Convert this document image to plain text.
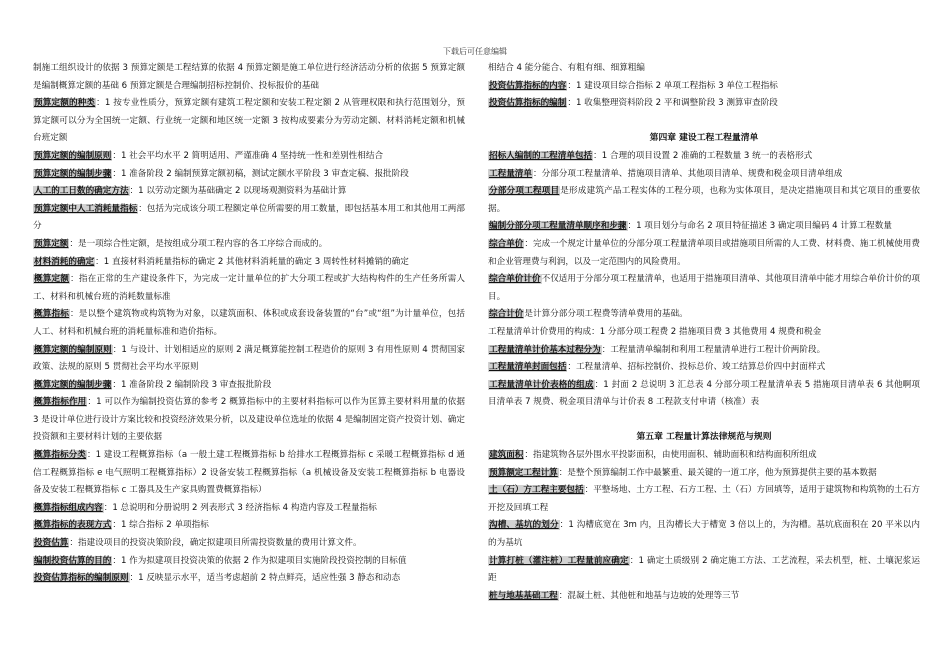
下载后可任意编辑

制施工组织设计的依据 3 预算定额是工程结算的依据 4 预算定额是施工单位进行经济活动分析的依据 5 预算定额是编制概算定额的基础 6 预算定额是合理编制招标控制价、投标报价的基础

预算定额的种类：1 按专业性质分，预算定额有建筑工程定额和安装工程定额 2 从管理权限和执行范围划分，预算定额可以分为全国统一定额、行业统一定额和地区统一定额 3 按构成要素分为劳动定额、材料消耗定额和机械台班定额

预算定额的编制原则：1 社会平均水平 2 简明适用、严谨准确 4 坚持统一性和差别性相结合

预算定额的编制步骤：1 准备阶段 2 编制预算定额初稿，测试定额水平阶段 3 审查定稿、报批阶段

人工的工日数的确定方法：1 以劳动定额为基础确定 2 以现场观测资料为基础计算

预算定额中人工消耗量指标：包括为完成该分项工程额定单位所需要的用工数量，即包括基本用工和其他用工两部分

预算定额：是一项综合性定额，是按组成分项工程内容的各工序综合而成的。

材料消耗的确定：1 直接材料消耗量指标的确定 2 其他材料消耗量的确定 3 周转性材料摊销的确定

概算定额：指在正常的生产建设条件下，为完成一定计量单位的扩大分项工程或扩大结构构件的生产任务所需人工、材料和机械台班的消耗数量标准

概算指标：是以整个建筑物或构筑物为对象，以建筑面积、体积或成套设备装置的“台”或“组”为计量单位，包括人工、材料和机械台班的消耗量标准和造价指标。

概算定额的编制原则：1 与设计、计划相适应的原则 2 满足概算能控制工程造价的原则 3 有用性原则 4 贯彻国家政策、法规的原则 5 贯彻社会平均水平原则

概算定额的编制步骤：1 准备阶段 2 编制阶段 3 审查报批阶段

概算指标作用：1 可以作为编制投资估算的参考 2 概算指标中的主要材料指标可以作为匡算主要材料用量的依据 3 是设计单位进行设计方案比较和投资经济效果分析，以及建设单位选址的依据 4 是编制固定资产投资计划、确定投资额和主要材料计划的主要依据

概算指标分类：1 建设工程概算指标（a 一般土建工程概算指标 b 给排水工程概算指标 c 采暖工程概算指标 d 通信工程概算指标 e 电气照明工程概算指标）2 设备安装工程概算指标（a 机械设备及安装工程概算指标 b 电器设备及安装工程概算指标 c 工器具及生产家具购置费概算指标）

概算指标组成内容：1 总说明和分册说明 2 列表形式 3 经济指标 4 构造内容及工程量指标

概算指标的表现方式：1 综合指标 2 单项指标

投资估算：指建设项目的投资决策阶段，确定拟建项目所需投资数量的费用计算文件。

编制投资估算的目的：1 作为拟建项目投资决策的依据 2 作为拟建项目实施阶段投资控制的目标值

投资估算指标的编制原则：1 反映显示水平，适当考虑超前 2 特点鲜亮，适应性强 3 静态和动态

相结合 4 能分能合、有粗有细、细算粗编

投资估算指标的内容：1 建设项目综合指标 2 单项工程指标 3 单位工程指标

投资估算指标的编制：1 收集整理资料阶段 2 平和调整阶段 3 测算审查阶段

第四章 建设工程工程量清单

招标人编制的工程清单包括：1 合理的项目设置 2 准确的工程数量 3 统一的表格形式

工程量清单：分部分项工程量清单、措施项目清单、其他项目清单、规费和税金项目清单组成

分部分项工程项目是形成建筑产品工程实体的工程分项，也称为实体项目，是决定措施项目和其它项目的重要依据。

编制分部分项工程量清单顺序和步骤：1 项目划分与命名 2 项目特征描述 3 确定项目编码 4 计算工程数量

综合单价：完成一个规定计量单位的分部分项工程量清单项目或措施项目所需的人工费、材料费、施工机械使用费和企业管理费与利润，以及一定范围内的风险费用。

综合单价计价不仅适用于分部分项工程量清单，也适用于措施项目清单、其他项目清单中能才用综合单价计价的项目。

综合计价是计算分部分项工程费等清单费用的基础。

工程量清单计价费用的构成：1 分部分项工程费 2 措施项目费 3 其他费用 4 规费和税金

工程量清单计价基本过程分为：工程量清单编制和利用工程量清单进行工程计价两阶段。

工程量清单封面包括：工程量清单、招标控制价、投标总价、竣工结算总价四中封面样式

工程量清单计价表格的组成：1 封面 2 总说明 3 汇总表 4 分部分项工程量清单表 5 措施项目清单表 6 其他啊项目清单表 7 规费、税金项目清单与计价表 8 工程款支付申请（核准）表

第五章 工程量计算法律规范与规则

建筑面积：指建筑物各层外围水平投影面积，由使用面积、辅助面积和结构面积所组成

预算额定工程计算：是整个预算编制工作中最繁重、最关键的一道工序，他为预算提供主要的基本数据

土（石）方工程主要包括：平整场地、土方工程、石方工程、土（石）方回填等，适用于建筑物和构筑物的土石方开挖及回填工程

沟槽、基坑的划分：1 沟槽底宽在 3m 内，且沟槽长大于槽宽 3 倍以上的，为沟槽。基坑底面积在 20 平米以内的为基坑

计算打桩（灌注桩）工程量前应确定：1 确定土质级别 2 确定施工方法、工艺流程，采去机型，桩、土壤泥浆运距

桩与地基基础工程：混凝土桩、其他桩和地基与边坡的处理等三节
